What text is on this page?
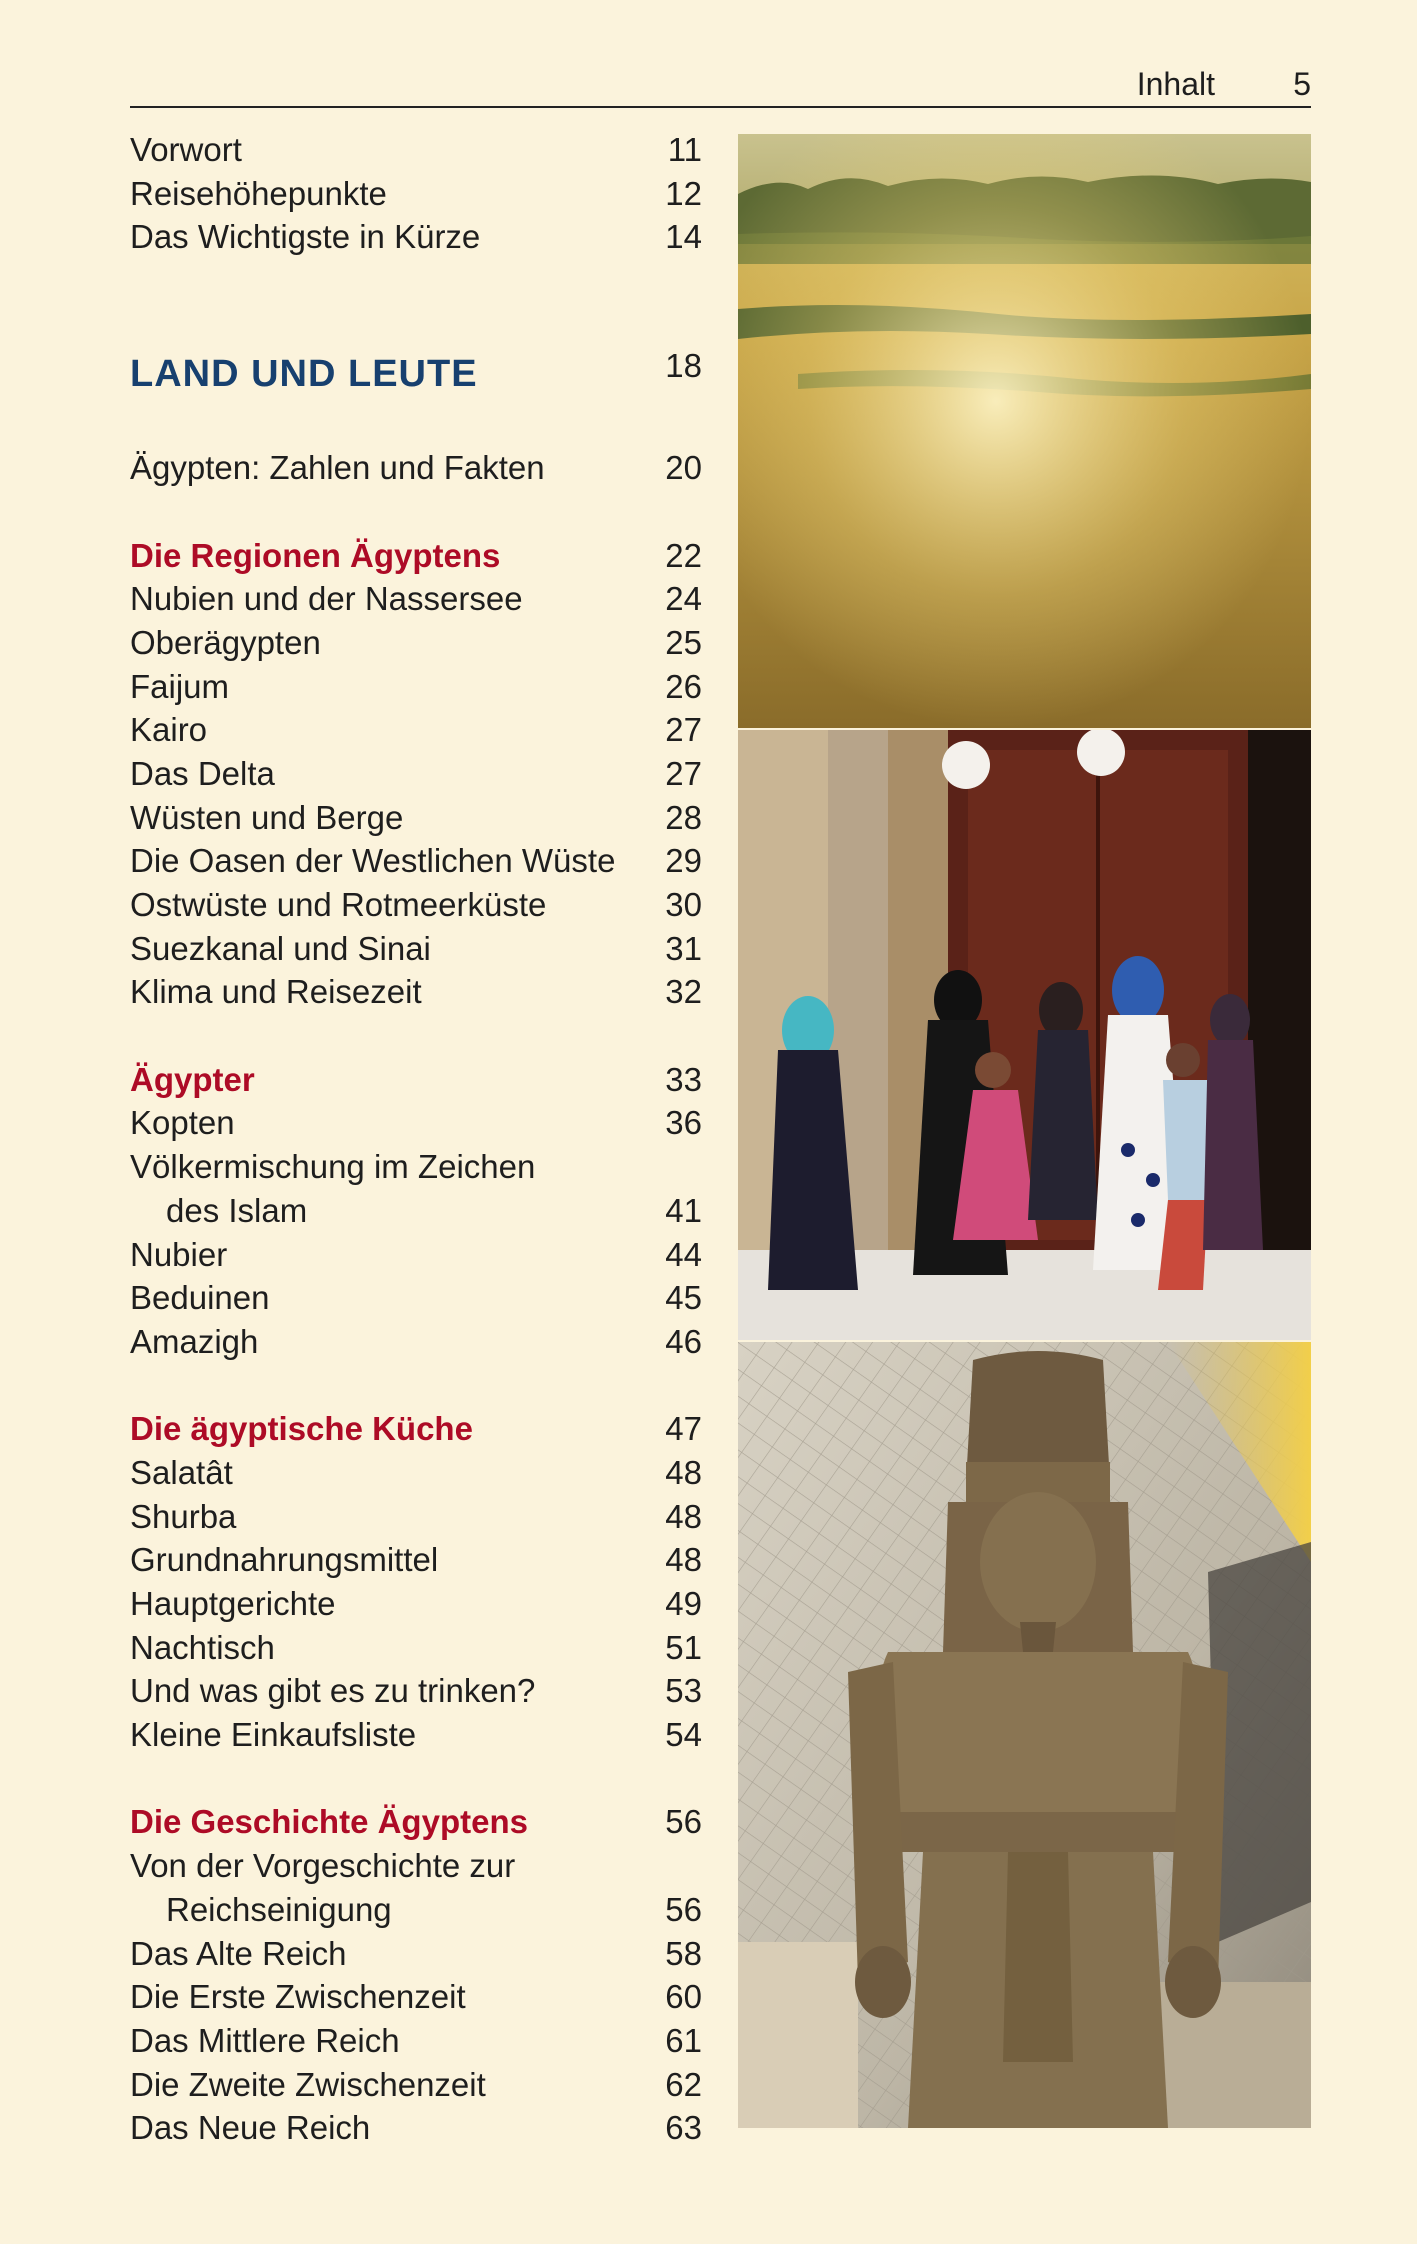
Inhalt 5
Vorwort	11
Reisehöhepunkte	12
Das Wichtigste in Kürze	14
LAND UND LEUTE	18
Ägypten: Zahlen und Fakten	20
Die Regionen Ägyptens	22
Nubien und der Nassersee	24
Oberägypten	25
Faijum	26
Kairo	27
Das Delta	27
Wüsten und Berge	28
Die Oasen der Westlichen Wüste 29
Ostwüste und Rotmeerküste	30
Suezkanal und Sinai	31
Klima und Reisezeit	32
Ägypter	33
Kopten	36
Völkermischung im Zeichen
des Islam	41
Nubier	44
Beduinen	45
Amazigh	46
Die ägyptische Küche	47
Salatât	48
Shurba	48
Grundnahrungsmittel	48
Hauptgerichte	49
Nachtisch	51
Und was gibt es zu trinken?	53
Kleine Einkaufsliste	54
Die Geschichte Ägyptens	56
Von der Vorgeschichte zur
Reichseinigung	56
Das Alte Reich	58
Die Erste Zwischenzeit	60
Das Mittlere Reich	61
Die Zweite Zwischenzeit	62
Das Neue Reich	63
